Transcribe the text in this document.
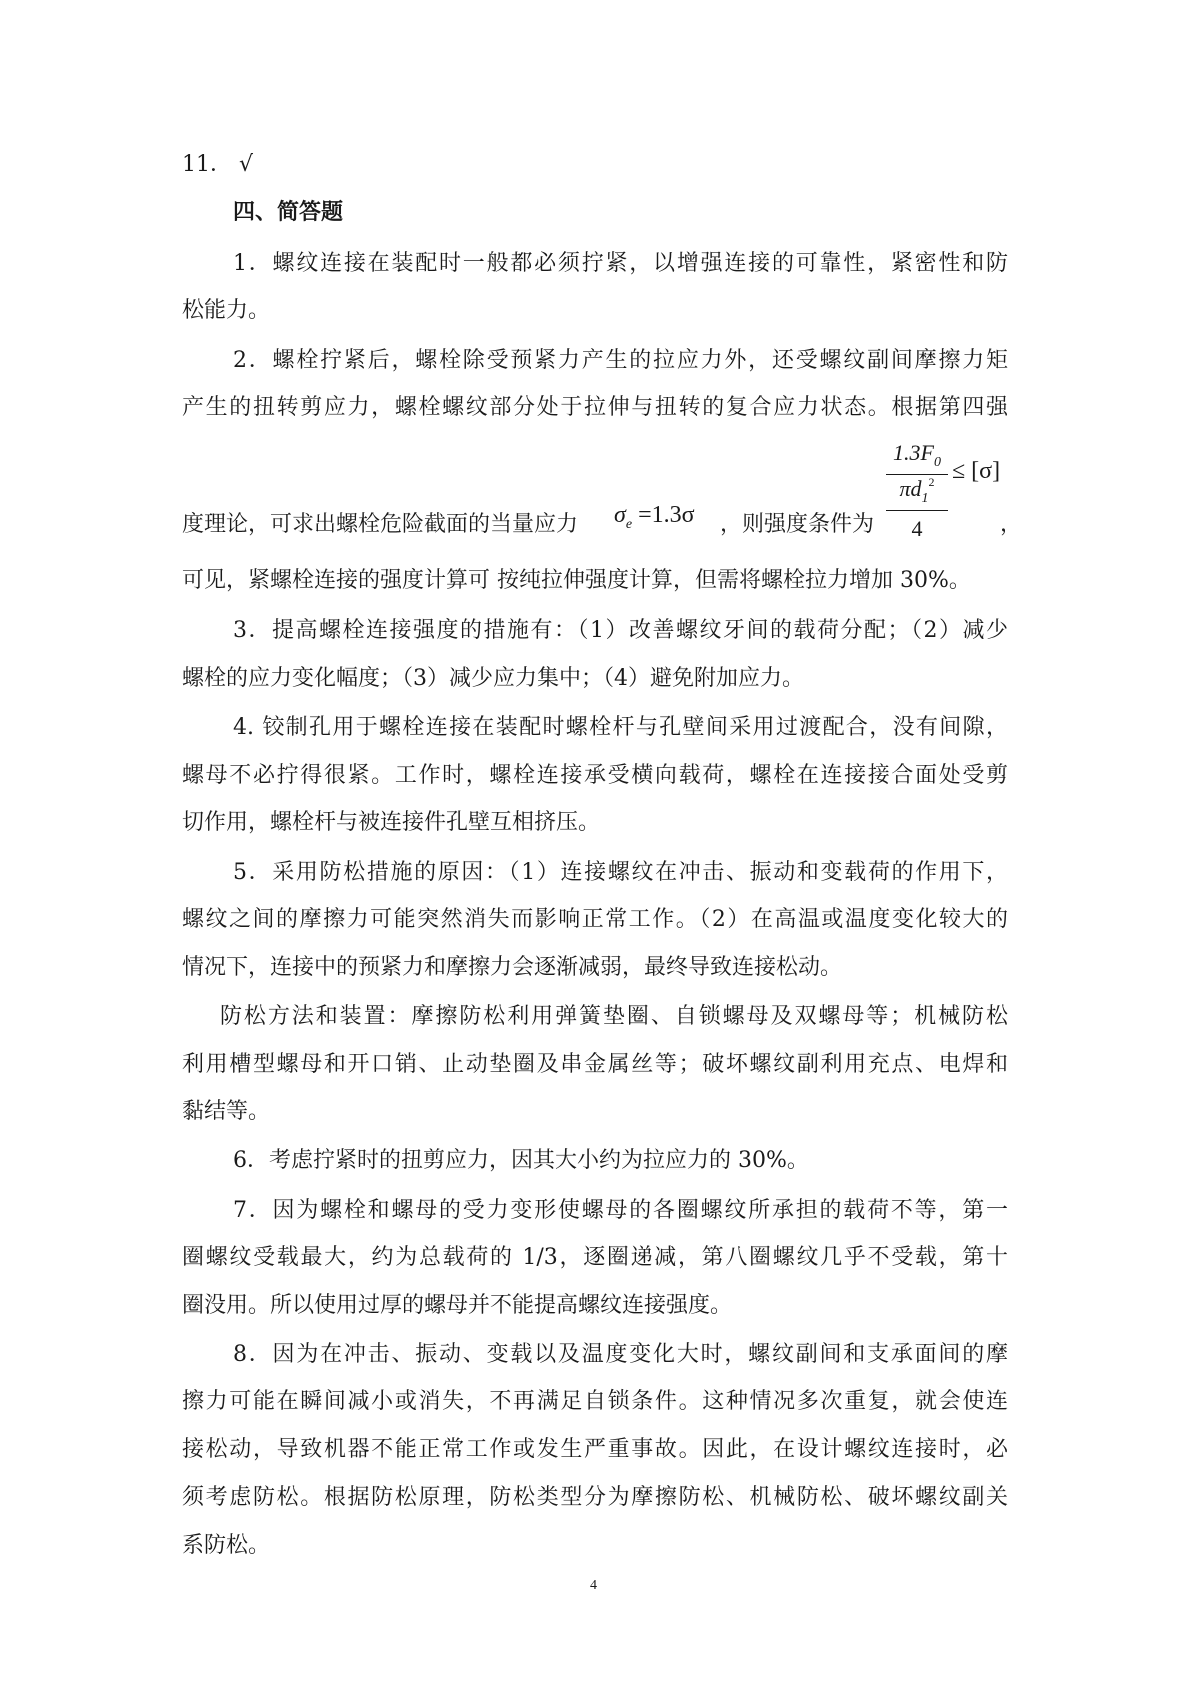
11． √
四、简答题
1．螺纹连接在装配时一般都必须拧紧，以增强连接的可靠性，紧密性和防
松能力。
2．螺栓拧紧后，螺栓除受预紧力产生的拉应力外，还受螺纹副间摩擦力矩
产生的扭转剪应力，螺栓螺纹部分处于拉伸与扭转的复合应力状态。根据第四强
度理论，可求出螺栓危险截面的当量应力 $\sigma_e =1.3\sigma$ ，则强度条件为
$1.3F_0$
$\pi d_1^2$
4
≤ [σ]
，
可见，紧螺栓连接的强度计算可 按纯拉伸强度计算，但需将螺栓拉力增加 30%。
3．提高螺栓连接强度的措施有：（1）改善螺纹牙间的载荷分配；（2）减少
螺栓的应力变化幅度；（3）减少应力集中；（4）避免附加应力。
4. 铰制孔用于螺栓连接在装配时螺栓杆与孔壁间采用过渡配合，没有间隙，
螺母不必拧得很紧。工作时，螺栓连接承受横向载荷，螺栓在连接接合面处受剪
切作用，螺栓杆与被连接件孔壁互相挤压。
5．采用防松措施的原因：（1）连接螺纹在冲击、振动和变载荷的作用下，
螺纹之间的摩擦力可能突然消失而影响正常工作。（2）在高温或温度变化较大的
情况下，连接中的预紧力和摩擦力会逐渐减弱，最终导致连接松动。
防松方法和装置：摩擦防松利用弹簧垫圈、自锁螺母及双螺母等；机械防松
利用槽型螺母和开口销、止动垫圈及串金属丝等；破坏螺纹副利用充点、电焊和
黏结等。
6．考虑拧紧时的扭剪应力，因其大小约为拉应力的 30%。
7．因为螺栓和螺母的受力变形使螺母的各圈螺纹所承担的载荷不等，第一
圈螺纹受载最大，约为总载荷的 1/3，逐圈递减，第八圈螺纹几乎不受载，第十
圈没用。所以使用过厚的螺母并不能提高螺纹连接强度。
8．因为在冲击、振动、变载以及温度变化大时，螺纹副间和支承面间的摩
擦力可能在瞬间减小或消失，不再满足自锁条件。这种情况多次重复，就会使连
接松动，导致机器不能正常工作或发生严重事故。因此，在设计螺纹连接时，必
须考虑防松。根据防松原理，防松类型分为摩擦防松、机械防松、破坏螺纹副关
系防松。
4
